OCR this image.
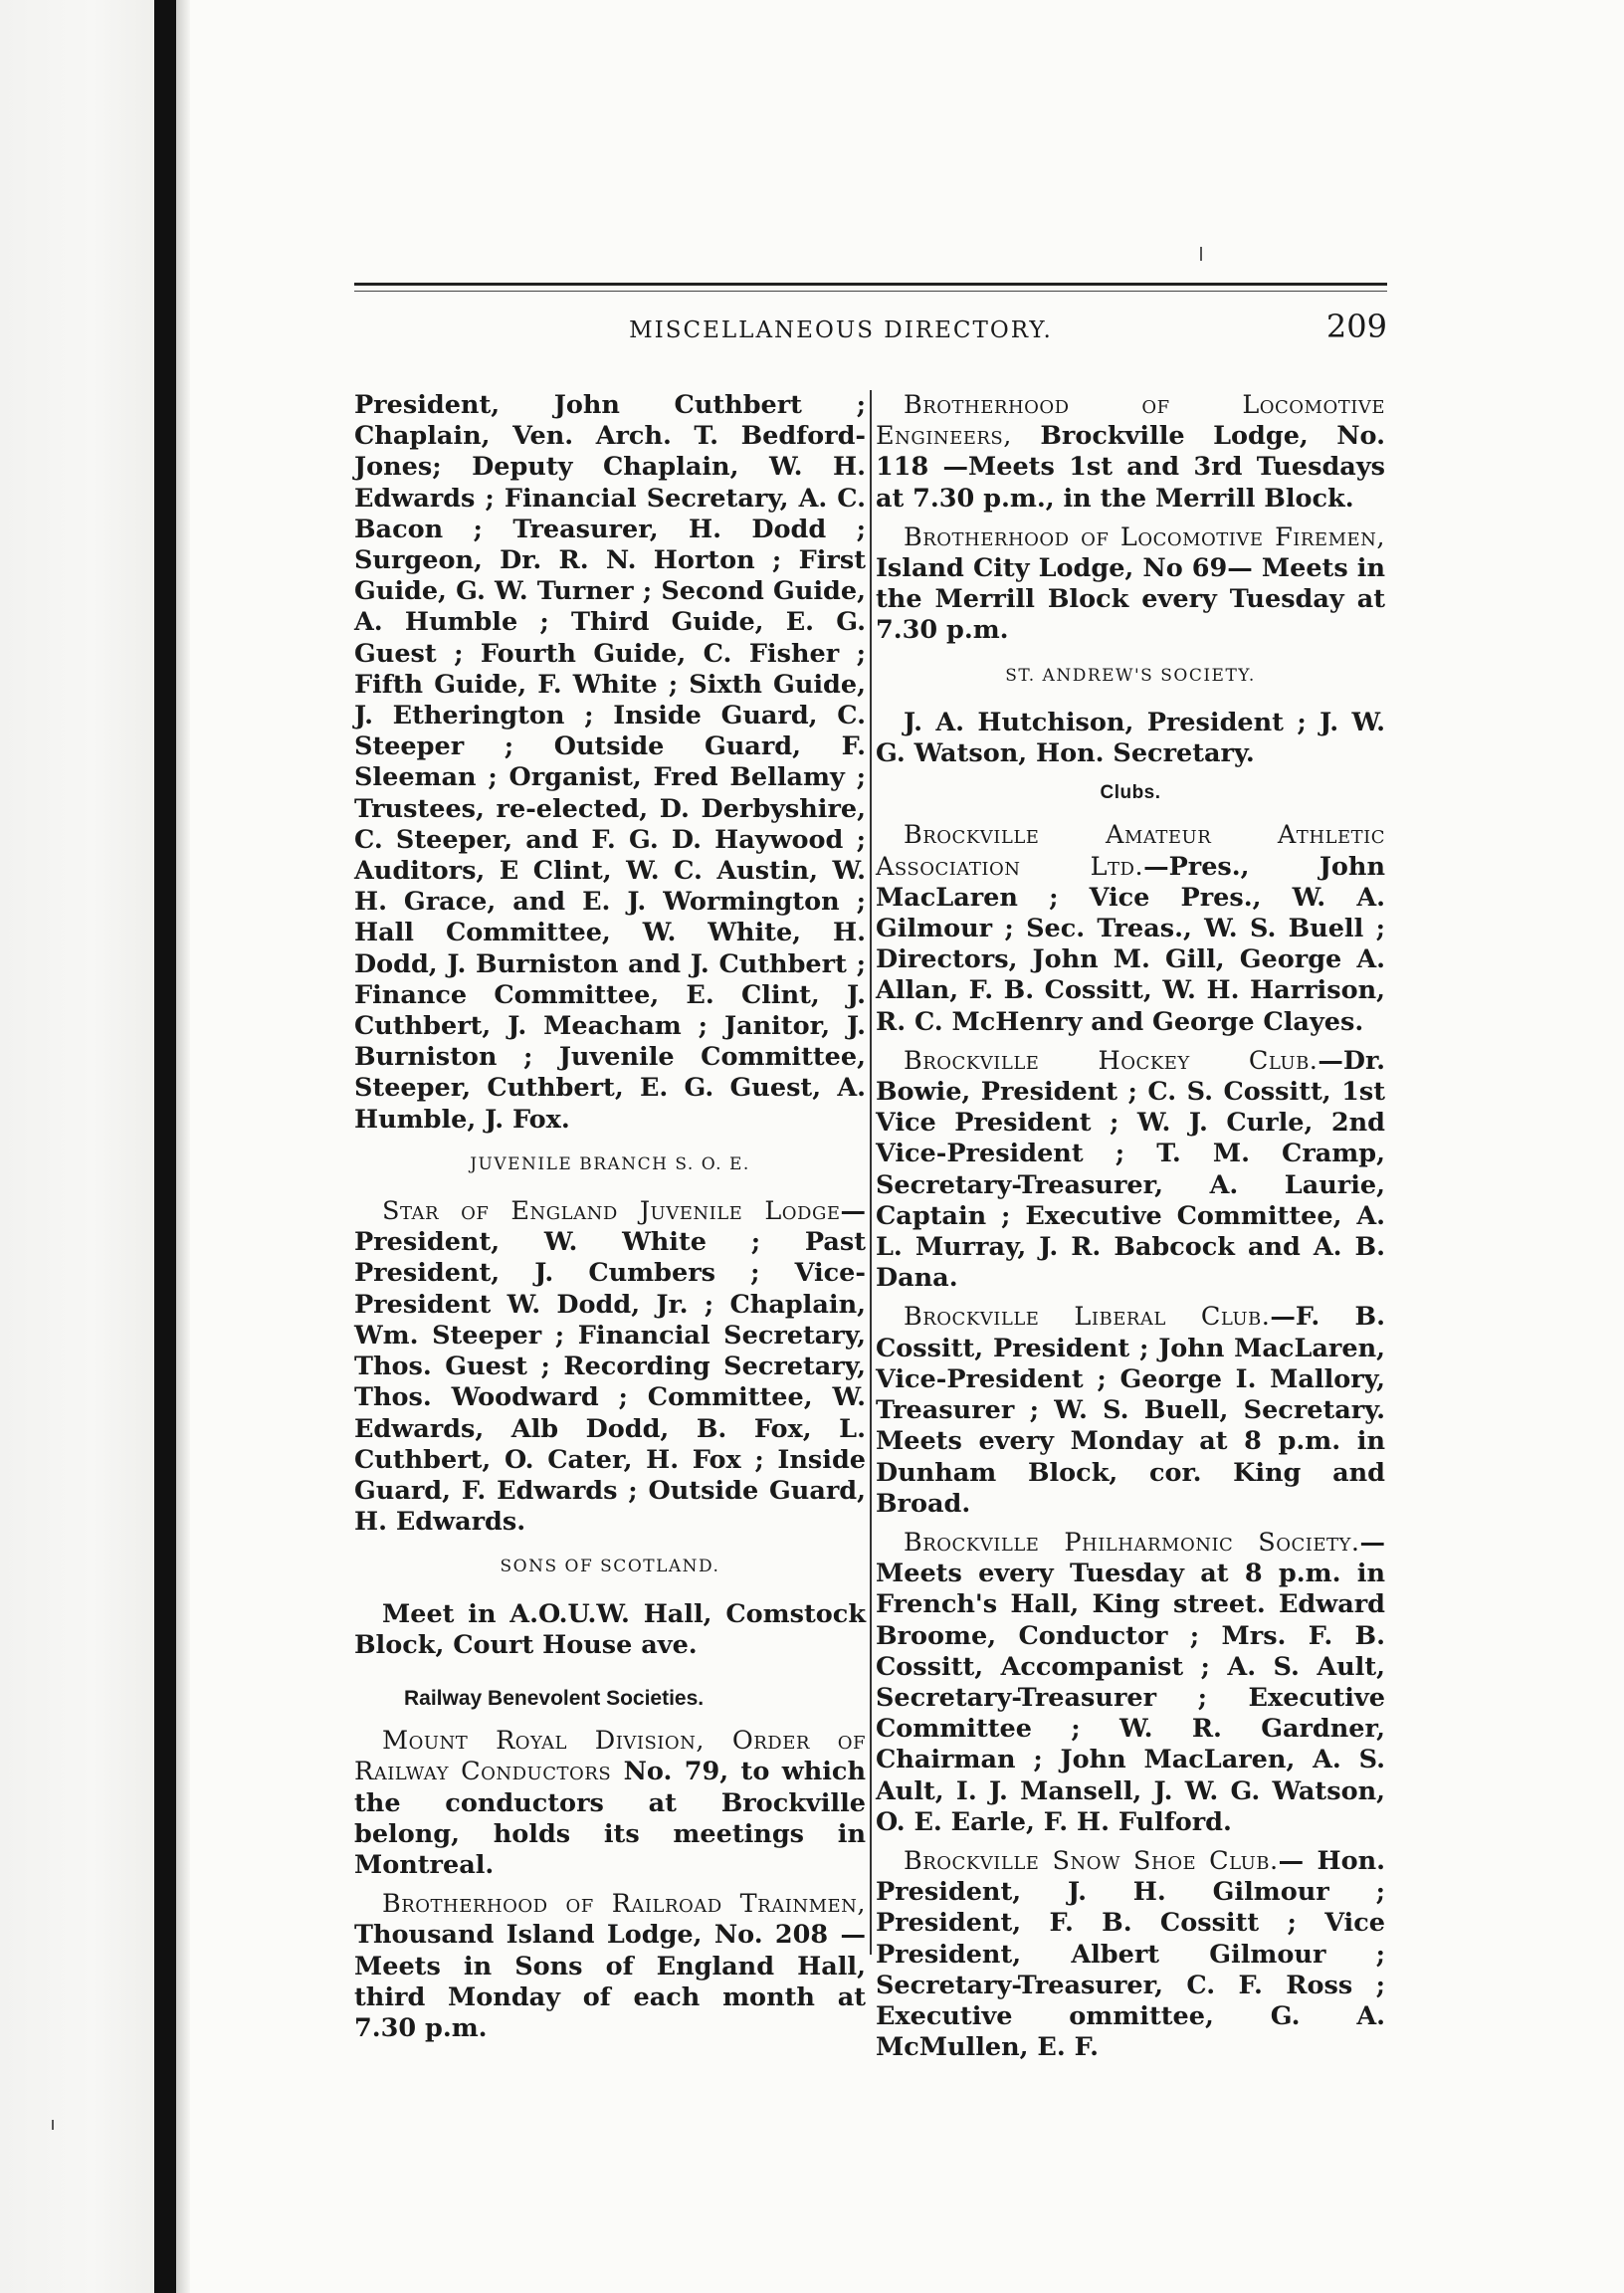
MISCELLANEOUS DIRECTORY.	209

President, John Cuthbert ; Chaplain, Ven. Arch. T. Bedford-Jones; Deputy Chaplain, W. H. Edwards ; Financial Secretary, A. C. Bacon ; Treasurer, H. Dodd ; Surgeon, Dr. R. N. Horton ; First Guide, G. W. Turner ; Second Guide, A. Humble ; Third Guide, E. G. Guest ; Fourth Guide, C. Fisher ; Fifth Guide, F. White ; Sixth Guide, J. Etherington ; Inside Guard, C. Steeper ; Outside Guard, F. Sleeman ; Organist, Fred Bellamy ; Trustees, re-elected, D. Derbyshire, C. Steeper, and F. G. D. Haywood ; Auditors, E Clint, W. C. Austin, W. H. Grace, and E. J. Wormington ; Hall Committee, W. White, H. Dodd, J. Burniston and J. Cuthbert ; Finance Committee, E. Clint, J. Cuthbert, J. Meacham ; Janitor, J. Burniston ; Juvenile Committee, Steeper, Cuthbert, E. G. Guest, A. Humble, J. Fox.

JUVENILE BRANCH S. O. E.

Star of England Juvenile Lodge—President, W. White ; Past President, J. Cumbers ; Vice-President W. Dodd, Jr. ; Chaplain, Wm. Steeper ; Financial Secretary, Thos. Guest ; Recording Secretary, Thos. Woodward ; Committee, W. Edwards, Alb Dodd, B. Fox, L. Cuthbert, O. Cater, H. Fox ; Inside Guard, F. Edwards ; Outside Guard, H. Edwards.

SONS OF SCOTLAND.

Meet in A.O.U.W. Hall, Comstock Block, Court House ave.

Railway Benevolent Societies.

Mount Royal Division, Order of Railway Conductors No. 79, to which the conductors at Brockville belong, holds its meetings in Montreal.

Brotherhood of Railroad Trainmen, Thousand Island Lodge, No. 208 —Meets in Sons of England Hall, third Monday of each month at 7.30 p.m.

Brotherhood of Locomotive Engineers, Brockville Lodge, No. 118 —Meets 1st and 3rd Tuesdays at 7.30 p.m., in the Merrill Block.

Brotherhood of Locomotive Firemen, Island City Lodge, No 69— Meets in the Merrill Block every Tuesday at 7.30 p.m.

ST. ANDREW'S SOCIETY.

J. A. Hutchison, President ; J. W. G. Watson, Hon. Secretary.

Clubs.

Brockville Amateur Athletic Association Ltd.—Pres., John MacLaren ; Vice Pres., W. A. Gilmour ; Sec. Treas., W. S. Buell ; Directors, John M. Gill, George A. Allan, F. B. Cossitt, W. H. Harrison, R. C. McHenry and George Clayes.

Brockville Hockey Club.—Dr. Bowie, President ; C. S. Cossitt, 1st Vice President ; W. J. Curle, 2nd Vice-President ; T. M. Cramp, Secretary-Treasurer, A. Laurie, Captain ; Executive Committee, A. L. Murray, J. R. Babcock and A. B. Dana.

Brockville Liberal Club.—F. B. Cossitt, President ; John MacLaren, Vice-President ; George I. Mallory, Treasurer ; W. S. Buell, Secretary. Meets every Monday at 8 p.m. in Dunham Block, cor. King and Broad.

Brockville Philharmonic Society.—Meets every Tuesday at 8 p.m. in French's Hall, King street. Edward Broome, Conductor ; Mrs. F. B. Cossitt, Accompanist ; A. S. Ault, Secretary-Treasurer ; Executive Committee ; W. R. Gardner, Chairman ; John MacLaren, A. S. Ault, I. J. Mansell, J. W. G. Watson, O. E. Earle, F. H. Fulford.

Brockville Snow Shoe Club.— Hon. President, J. H. Gilmour ; President, F. B. Cossitt ; Vice President, Albert Gilmour ; Secretary-Treasurer, C. F. Ross ; Executive ommittee, G. A. McMullen, E. F.
